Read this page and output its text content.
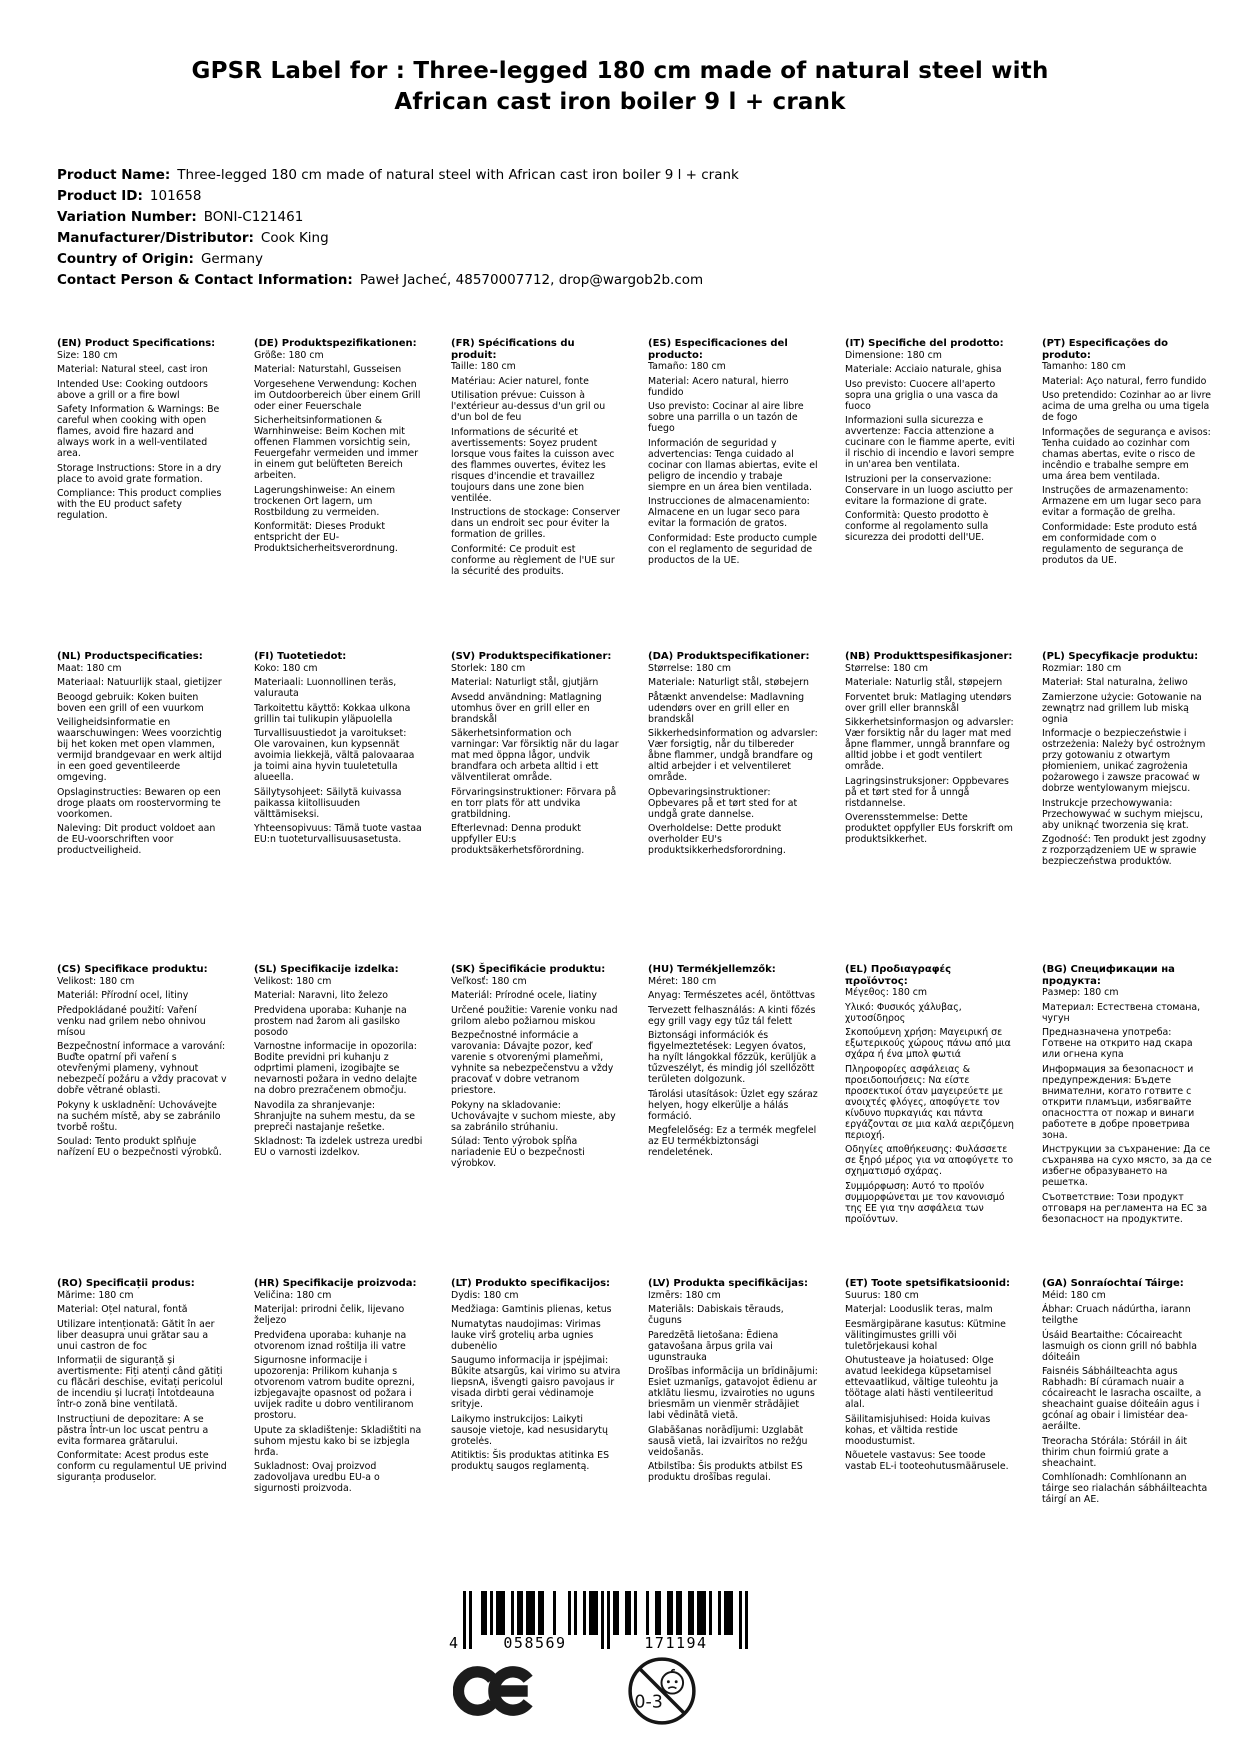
GPSR Label for : Three-legged 180 cm made of natural steel with African cast iron boiler 9 l + crank
Product Name: Three-legged 180 cm made of natural steel with African cast iron boiler 9 l + crank
Product ID: 101658
Variation Number: BONI-C121461
Manufacturer/Distributor: Cook King
Country of Origin: Germany
Contact Person & Contact Information: Paweł Jacheć, 48570007712, drop@wargob2b.com
(EN) Product Specifications:

Size: 180 cm

Material: Natural steel, cast iron

Intended Use: Cooking outdoors above a grill or a fire bowl

Safety Information & Warnings: Be careful when cooking with open flames, avoid fire hazard and always work in a well-ventilated area.

Storage Instructions: Store in a dry place to avoid grate formation.

Compliance: This product complies with the EU product safety regulation.

(DE) Produktspezifikationen:

Größe: 180 cm

Material: Naturstahl, Gusseisen

Vorgesehene Verwendung: Kochen im Outdoorbereich über einem Grill oder einer Feuerschale

Sicherheitsinformationen & Warnhinweise: Beim Kochen mit offenen Flammen vorsichtig sein, Feuergefahr vermeiden und immer in einem gut belüfteten Bereich arbeiten.

Lagerungshinweise: An einem trockenen Ort lagern, um Rostbildung zu vermeiden.

Konformität: Dieses Produkt entspricht der EU-Produktsicherheitsverordnung.

(FR) Spécifications du produit:

Taille: 180 cm

Matériau: Acier naturel, fonte

Utilisation prévue: Cuisson à l'extérieur au-dessus d'un gril ou d'un bol de feu

Informations de sécurité et avertissements: Soyez prudent lorsque vous faites la cuisson avec des flammes ouvertes, évitez les risques d'incendie et travaillez toujours dans une zone bien ventilée.

Instructions de stockage: Conserver dans un endroit sec pour éviter la formation de grilles.

Conformité: Ce produit est conforme au règlement de l'UE sur la sécurité des produits.

(ES) Especificaciones del producto:

Tamaño: 180 cm

Material: Acero natural, hierro fundido

Uso previsto: Cocinar al aire libre sobre una parrilla o un tazón de fuego

Información de seguridad y advertencias: Tenga cuidado al cocinar con llamas abiertas, evite el peligro de incendio y trabaje siempre en un área bien ventilada.

Instrucciones de almacenamiento: Almacene en un lugar seco para evitar la formación de gratos.

Conformidad: Este producto cumple con el reglamento de seguridad de productos de la UE.

(IT) Specifiche del prodotto:

Dimensione: 180 cm

Materiale: Acciaio naturale, ghisa

Uso previsto: Cuocere all'aperto sopra una griglia o una vasca da fuoco

Informazioni sulla sicurezza e avvertenze: Faccia attenzione a cucinare con le fiamme aperte, eviti il rischio di incendio e lavori sempre in un'area ben ventilata.

Istruzioni per la conservazione: Conservare in un luogo asciutto per evitare la formazione di grate.

Conformità: Questo prodotto è conforme al regolamento sulla sicurezza dei prodotti dell'UE.

(PT) Especificações do produto:

Tamanho: 180 cm

Material: Aço natural, ferro fundido

Uso pretendido: Cozinhar ao ar livre acima de uma grelha ou uma tigela de fogo

Informações de segurança e avisos: Tenha cuidado ao cozinhar com chamas abertas, evite o risco de incêndio e trabalhe sempre em uma área bem ventilada.

Instruções de armazenamento: Armazene em um lugar seco para evitar a formação de grelha.

Conformidade: Este produto está em conformidade com o regulamento de segurança de produtos da UE.

(NL) Productspecificaties:

Maat: 180 cm

Materiaal: Natuurlijk staal, gietijzer

Beoogd gebruik: Koken buiten boven een grill of een vuurkom

Veiligheidsinformatie en waarschuwingen: Wees voorzichtig bij het koken met open vlammen, vermijd brandgevaar en werk altijd in een goed geventileerde omgeving.

Opslaginstructies: Bewaren op een droge plaats om roostervorming te voorkomen.

Naleving: Dit product voldoet aan de EU-voorschriften voor productveiligheid.

(FI) Tuotetiedot:

Koko: 180 cm

Materiaali: Luonnollinen teräs, valurauta

Tarkoitettu käyttö: Kokkaa ulkona grillin tai tulikupin yläpuolella

Turvallisuustiedot ja varoitukset: Ole varovainen, kun kypsennät avoimia liekkejä, vältä palovaaraa ja toimi aina hyvin tuuletetulla alueella.

Säilytysohjeet: Säilytä kuivassa paikassa kiitollisuuden välttämiseksi.

Yhteensopivuus: Tämä tuote vastaa EU:n tuoteturvallisuusasetusta.

(SV) Produktspecifikationer:

Storlek: 180 cm

Material: Naturligt stål, gjutjärn

Avsedd användning: Matlagning utomhus över en grill eller en brandskål

Säkerhetsinformation och varningar: Var försiktig när du lagar mat med öppna lågor, undvik brandfara och arbeta alltid i ett välventilerat område.

Förvaringsinstruktioner: Förvara på en torr plats för att undvika gratbildning.

Efterlevnad: Denna produkt uppfyller EU:s produktsäkerhetsförordning.

(DA) Produktspecifikationer:

Størrelse: 180 cm

Materiale: Naturligt stål, støbejern

Påtænkt anvendelse: Madlavning udendørs over en grill eller en brandskål

Sikkerhedsinformation og advarsler: Vær forsigtig, når du tilbereder åbne flammer, undgå brandfare og altid arbejder i et velventileret område.

Opbevaringsinstruktioner: Opbevares på et tørt sted for at undgå grate dannelse.

Overholdelse: Dette produkt overholder EU's produktsikkerhedsforordning.

(NB) Produkttspesifikasjoner:

Størrelse: 180 cm

Materiale: Naturlig stål, støpejern

Forventet bruk: Matlaging utendørs over grill eller brannskål

Sikkerhetsinformasjon og advarsler: Vær forsiktig når du lager mat med åpne flammer, unngå brannfare og alltid jobbe i et godt ventilert område.

Lagringsinstruksjoner: Oppbevares på et tørt sted for å unngå ristdannelse.

Overensstemmelse: Dette produktet oppfyller EUs forskrift om produktsikkerhet.

(PL) Specyfikacje produktu:

Rozmiar: 180 cm

Materiał: Stal naturalna, żeliwo

Zamierzone użycie: Gotowanie na zewnątrz nad grillem lub miską ognia

Informacje o bezpieczeństwie i ostrzeżenia: Należy być ostrożnym przy gotowaniu z otwartym płomieniem, unikać zagrożenia pożarowego i zawsze pracować w dobrze wentylowanym miejscu.

Instrukcje przechowywania: Przechowywać w suchym miejscu, aby uniknąć tworzenia się krat.

Zgodność: Ten produkt jest zgodny z rozporządzeniem UE w sprawie bezpieczeństwa produktów.

(CS) Specifikace produktu:

Velikost: 180 cm

Materiál: Přírodní ocel, litiny

Předpokládané použití: Vaření venku nad grilem nebo ohnivou mísou

Bezpečnostní informace a varování: Buďte opatrní při vaření s otevřenými plameny, vyhnout nebezpečí požáru a vždy pracovat v dobře větrané oblasti.

Pokyny k uskladnění: Uchovávejte na suchém místě, aby se zabránilo tvorbě roštu.

Soulad: Tento produkt splňuje nařízení EU o bezpečnosti výrobků.

(SL) Specifikacije izdelka:

Velikost: 180 cm

Material: Naravni, lito železo

Predvidena uporaba: Kuhanje na prostem nad žarom ali gasilsko posodo

Varnostne informacije in opozorila: Bodite previdni pri kuhanju z odprtimi plameni, izogibajte se nevarnosti požara in vedno delajte na dobro prezračenem območju.

Navodila za shranjevanje: Shranjujte na suhem mestu, da se prepreči nastajanje rešetke.

Skladnost: Ta izdelek ustreza uredbi EU o varnosti izdelkov.

(SK) Špecifikácie produktu:

Veľkosť: 180 cm

Materiál: Prírodné ocele, liatiny

Určené použitie: Varenie vonku nad grilom alebo požiarnou miskou

Bezpečnostné informácie a varovania: Dávajte pozor, keď varenie s otvorenými plameňmi, vyhnite sa nebezpečenstvu a vždy pracovať v dobre vetranom priestore.

Pokyny na skladovanie: Uchovávajte v suchom mieste, aby sa zabránilo strúhaniu.

Súlad: Tento výrobok spĺňa nariadenie EÚ o bezpečnosti výrobkov.

(HU) Termékjellemzők:

Méret: 180 cm

Anyag: Természetes acél, öntöttvas

Tervezett felhasználás: A kinti főzés egy grill vagy egy tűz tál felett

Biztonsági információk és figyelmeztetések: Legyen óvatos, ha nyílt lángokkal főzzük, kerüljük a tűzveszélyt, és mindig jól szellőzött területen dolgozunk.

Tárolási utasítások: Üzlet egy száraz helyen, hogy elkerülje a hálás formáció.

Megfelelőség: Ez a termék megfelel az EU termékbiztonsági rendeletének.

(EL) Προδιαγραφές προϊόντος:

Μέγεθος: 180 cm

Υλικό: Φυσικός χάλυβας, χυτοσίδηρος

Σκοπούμενη χρήση: Μαγειρική σε εξωτερικούς χώρους πάνω από μια σχάρα ή ένα μπολ φωτιά

Πληροφορίες ασφάλειας & προειδοποιήσεις: Να είστε προσεκτικοί όταν μαγειρεύετε με ανοιχτές φλόγες, αποφύγετε τον κίνδυνο πυρκαγιάς και πάντα εργάζονται σε μια καλά αεριζόμενη περιοχή.

Οδηγίες αποθήκευσης: Φυλάσσετε σε ξηρό μέρος για να αποφύγετε το σχηματισμό σχάρας.

Συμμόρφωση: Αυτό το προϊόν συμμορφώνεται με τον κανονισμό της ΕΕ για την ασφάλεια των προϊόντων.

(BG) Спецификации на продукта:

Размер: 180 cm

Материал: Естествена стомана, чугун

Предназначена употреба: Готвене на открито над скара или огнена купа

Информация за безопасност и предупреждения: Бъдете внимателни, когато готвите с открити пламъци, избягвайте опасността от пожар и винаги работете в добре проветрива зона.

Инструкции за съхранение: Да се съхранява на сухо място, за да се избегне образуването на решетка.

Съответствие: Този продукт отговаря на регламента на ЕС за безопасност на продуктите.

(RO) Specificații produs:

Mărime: 180 cm

Material: Oțel natural, fontă

Utilizare intenționată: Gătit în aer liber deasupra unui grătar sau a unui castron de foc

Informații de siguranță și avertismente: Fiți atenți când gătiți cu flăcări deschise, evitați pericolul de incendiu și lucrați întotdeauna într-o zonă bine ventilată.

Instrucțiuni de depozitare: A se păstra într-un loc uscat pentru a evita formarea grătarului.

Conformitate: Acest produs este conform cu regulamentul UE privind siguranța produselor.

(HR) Specifikacije proizvoda:

Veličina: 180 cm

Materijal: prirodni čelik, lijevano željezo

Predviđena uporaba: kuhanje na otvorenom iznad roštilja ili vatre

Sigurnosne informacije i upozorenja: Prilikom kuhanja s otvorenom vatrom budite oprezni, izbjegavajte opasnost od požara i uvijek radite u dobro ventiliranom prostoru.

Upute za skladištenje: Skladištiti na suhom mjestu kako bi se izbjegla hrđa.

Sukladnost: Ovaj proizvod zadovoljava uredbu EU-a o sigurnosti proizvoda.

(LT) Produkto specifikacijos:

Dydis: 180 cm

Medžiaga: Gamtinis plienas, ketus

Numatytas naudojimas: Virimas lauke virš grotelių arba ugnies dubenėlio

Saugumo informacija ir įspėjimai: Būkite atsargūs, kai virimo su atvira liepsnA, išvengti gaisro pavojaus ir visada dirbti gerai vėdinamoje srityje.

Laikymo instrukcijos: Laikyti sausoje vietoje, kad nesusidarytų grotelės.

Atitiktis: Šis produktas atitinka ES produktų saugos reglamentą.

(LV) Produkta specifikācijas:

Izmērs: 180 cm

Materiāls: Dabiskais tērauds, čuguns

Paredzētā lietošana: Ēdiena gatavošana ārpus grila vai ugunstrauka

Drošības informācija un brīdinājumi: Esiet uzmanīgs, gatavojot ēdienu ar atklātu liesmu, izvairoties no uguns briesmām un vienmēr strādājiet labi vēdinātā vietā.

Glabāšanas norādījumi: Uzglabāt sausā vietā, lai izvairītos no režģu veidošanās.

Atbilstība: Šis produkts atbilst ES produktu drošības regulai.

(ET) Toote spetsifikatsioonid:

Suurus: 180 cm

Materjal: Looduslik teras, malm

Eesmärgipärane kasutus: Kütmine välitingimustes grilli või tuletõrjekausi kohal

Ohutusteave ja hoiatused: Olge avatud leekidega küpsetamisel ettevaatlikud, vältige tuleohtu ja töötage alati hästi ventileeritud alal.

Säilitamisjuhised: Hoida kuivas kohas, et vältida restide moodustumist.

Nõuetele vastavus: See toode vastab EL-i tooteohutusmäärusele.

(GA) Sonraíochtaí Táirge:

Méid: 180 cm

Ábhar: Cruach nádúrtha, iarann teilgthe

Úsáid Beartaithe: Cócaireacht lasmuigh os cionn grill nó babhla dóiteáin

Faisnéis Sábháilteachta agus Rabhadh: Bí cúramach nuair a cócaireacht le lasracha oscailte, a sheachaint guaise dóiteáin agus i gcónaí ag obair i limistéar dea-aeráilte.

Treoracha Stórála: Stóráil in áit thirim chun foirmiú grate a sheachaint.

Comhlíonadh: Comhlíonann an táirge seo rialachán sábháilteachta táirgí an AE.

4	058569	171194
0-3
